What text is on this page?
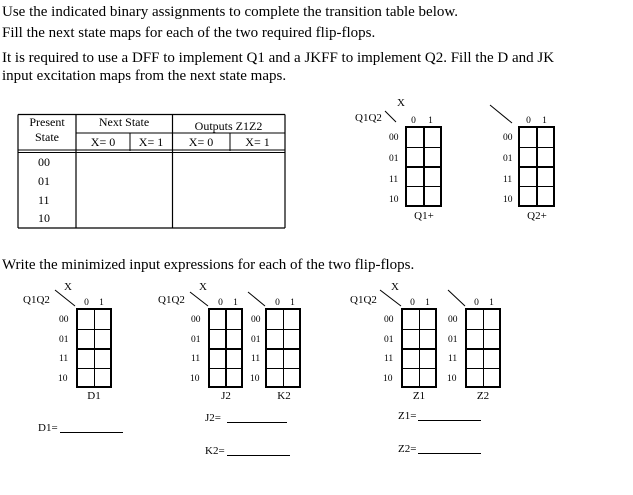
Use the indicated binary assignments to complete the transition table below.
Fill the next state maps for each of the two required flip-flops.
It is required to use a DFF to implement Q1 and a JKFF to implement Q2. Fill the D and JK
input excitation maps from the next state maps.
Present
State
Next State	Outputs Z1Z2
X= 0	X= 1	X= 0	X= 1
00
01
11
10
Write the minimized input expressions for each of the two flip-flops.
Q1Q2
X
0	1
00
01
11
10
Q1+
0	1
00
01
11
10
Q2+
Q1Q2
X
0	1
00
01
11
10
D1
Q1Q2
X
0	1
00
01
11
10
J2
0	1
00
01
11
10
K2
Q1Q2
X
0	1
00
01
11
10
Z1
0	1
00
01
11
10
Z2
D1=
J2=
K2=
Z1=
Z2=
